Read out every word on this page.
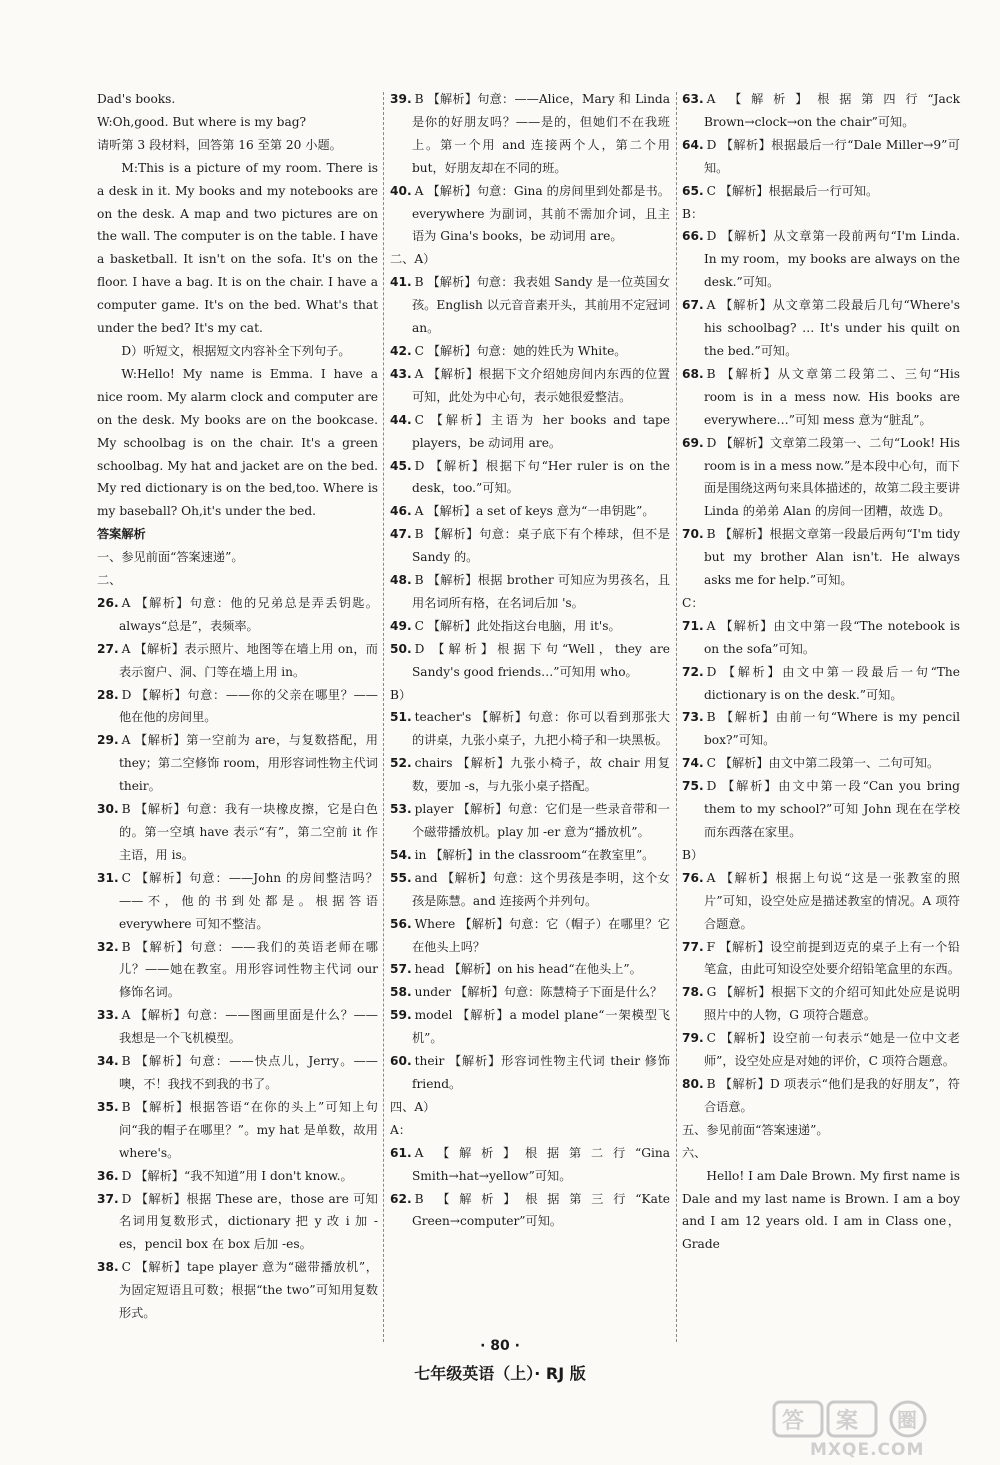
Dad's books.

W:Oh,good. But where is my bag?

请听第 3 段材料，回答第 16 至第 20 小题。

M:This is a picture of my room. There is a desk in it. My books and my notebooks are on the desk. A map and two pictures are on the wall. The computer is on the table. I have a basketball. It isn't on the sofa. It's on the floor. I have a bag. It is on the chair. I have a computer game. It's on the bed. What's that under the bed? It's my cat.

D）听短文，根据短文内容补全下列句子。

W:Hello! My name is Emma. I have a nice room. My alarm clock and computer are on the desk. My books are on the bookcase. My schoolbag is on the chair. It's a green schoolbag. My hat and jacket are on the bed. My red dictionary is on the bed,too. Where is my baseball? Oh,it's under the bed.

答案解析

一、参见前面“答案速递”。

二、

26. A 【解析】句意：他的兄弟总是弄丢钥匙。always“总是”，表频率。

27. A 【解析】表示照片、地图等在墙上用 on，而表示窗户、洞、门等在墙上用 in。

28. D 【解析】句意：——你的父亲在哪里？——他在他的房间里。

29. A 【解析】第一空前为 are，与复数搭配，用 they；第二空修饰 room，用形容词性物主代词 their。

30. B 【解析】句意：我有一块橡皮擦，它是白色的。第一空填 have 表示“有”，第二空前 it 作主语，用 is。

31. C 【解析】句意：——John 的房间整洁吗？——不，他的书到处都是。根据答语 everywhere 可知不整洁。

32. B 【解析】句意：——我们的英语老师在哪儿？——她在教室。用形容词性物主代词 our 修饰名词。

33. A 【解析】句意：——图画里面是什么？——我想是一个飞机模型。

34. B 【解析】句意：——快点儿，Jerry。——噢，不！我找不到我的书了。

35. B 【解析】根据答语“在你的头上”可知上句问“我的帽子在哪里？”。my hat 是单数，故用 where's。

36. D 【解析】“我不知道”用 I don't know.。

37. D 【解析】根据 These are，those are 可知名词用复数形式，dictionary 把 y 改 i 加 -es，pencil box 在 box 后加 -es。

38. C 【解析】tape player 意为“磁带播放机”，为固定短语且可数；根据“the two”可知用复数形式。

39. B 【解析】句意：——Alice，Mary 和 Linda 是你的好朋友吗？——是的，但她们不在我班上。第一个用 and 连接两个人，第二个用 but，好朋友却在不同的班。

40. A 【解析】句意：Gina 的房间里到处都是书。everywhere 为副词，其前不需加介词，且主语为 Gina's books，be 动词用 are。

二、A）

41. B 【解析】句意：我表姐 Sandy 是一位英国女孩。English 以元音音素开头，其前用不定冠词 an。

42. C 【解析】句意：她的姓氏为 White。

43. A 【解析】根据下文介绍她房间内东西的位置可知，此处为中心句，表示她很爱整洁。

44. C 【解析】主语为 her books and tape players，be 动词用 are。

45. D 【解析】根据下句“Her ruler is on the desk，too.”可知。

46. A 【解析】a set of keys 意为“一串钥匙”。

47. B 【解析】句意：桌子底下有个棒球，但不是 Sandy 的。

48. B 【解析】根据 brother 可知应为男孩名，且用名词所有格，在名词后加 's。

49. C 【解析】此处指这台电脑，用 it's。

50. D 【解析】根据下句“Well，they are Sandy's good friends…”可知用 who。

B）

51. teacher's 【解析】句意：你可以看到那张大的讲桌，九张小桌子，九把小椅子和一块黑板。

52. chairs 【解析】九张小椅子，故 chair 用复数，要加 -s，与九张小桌子搭配。

53. player 【解析】句意：它们是一些录音带和一个磁带播放机。play 加 -er 意为“播放机”。

54. in 【解析】in the classroom“在教室里”。

55. and 【解析】句意：这个男孩是李明，这个女孩是陈慧。and 连接两个并列句。

56. Where 【解析】句意：它（帽子）在哪里？它在他头上吗？

57. head 【解析】on his head“在他头上”。

58. under 【解析】句意：陈慧椅子下面是什么？

59. model 【解析】a model plane“一架模型飞机”。

60. their 【解析】形容词性物主代词 their 修饰 friend。

四、A）

A：

61. A 【解析】根据第二行“Gina Smith→hat→yellow”可知。

62. B 【解析】根据第三行“Kate Green→computer”可知。

63. A 【解析】根据第四行“Jack Brown→clock→on the chair”可知。

64. D 【解析】根据最后一行“Dale Miller→9”可知。

65. C 【解析】根据最后一行可知。

B：

66. D 【解析】从文章第一段前两句“I'm Linda. In my room，my books are always on the desk.”可知。

67. A 【解析】从文章第二段最后几句“Where's his schoolbag? … It's under his quilt on the bed.”可知。

68. B 【解析】从文章第二段第二、三句“His room is in a mess now. His books are everywhere…”可知 mess 意为“脏乱”。

69. D 【解析】文章第二段第一、二句“Look! His room is in a mess now.”是本段中心句，而下面是围绕这两句来具体描述的，故第二段主要讲 Linda 的弟弟 Alan 的房间一团糟，故选 D。

70. B 【解析】根据文章第一段最后两句“I'm tidy but my brother Alan isn't. He always asks me for help.”可知。

C：

71. A 【解析】由文中第一段“The notebook is on the sofa”可知。

72. D 【解析】由文中第一段最后一句“The dictionary is on the desk.”可知。

73. B 【解析】由前一句“Where is my pencil box?”可知。

74. C 【解析】由文中第二段第一、二句可知。

75. D 【解析】由文中第一段“Can you bring them to my school?”可知 John 现在在学校而东西落在家里。

B）

76. A 【解析】根据上句说“这是一张教室的照片”可知，设空处应是描述教室的情况。A 项符合题意。

77. F 【解析】设空前提到迈克的桌子上有一个铅笔盒，由此可知设空处要介绍铅笔盒里的东西。

78. G 【解析】根据下文的介绍可知此处应是说明照片中的人物，G 项符合题意。

79. C 【解析】设空前一句表示“她是一位中文老师”，设空处应是对她的评价，C 项符合题意。

80. B 【解析】D 项表示“他们是我的好朋友”，符合语意。

五、参见前面“答案速递”。

六、

Hello! I am Dale Brown. My first name is Dale and my last name is Brown. I am a boy and I am 12 years old. I am in Class one，Grade

· 80 ·
七年级英语（上）· RJ 版
答 案 圈
MXQE.COM
